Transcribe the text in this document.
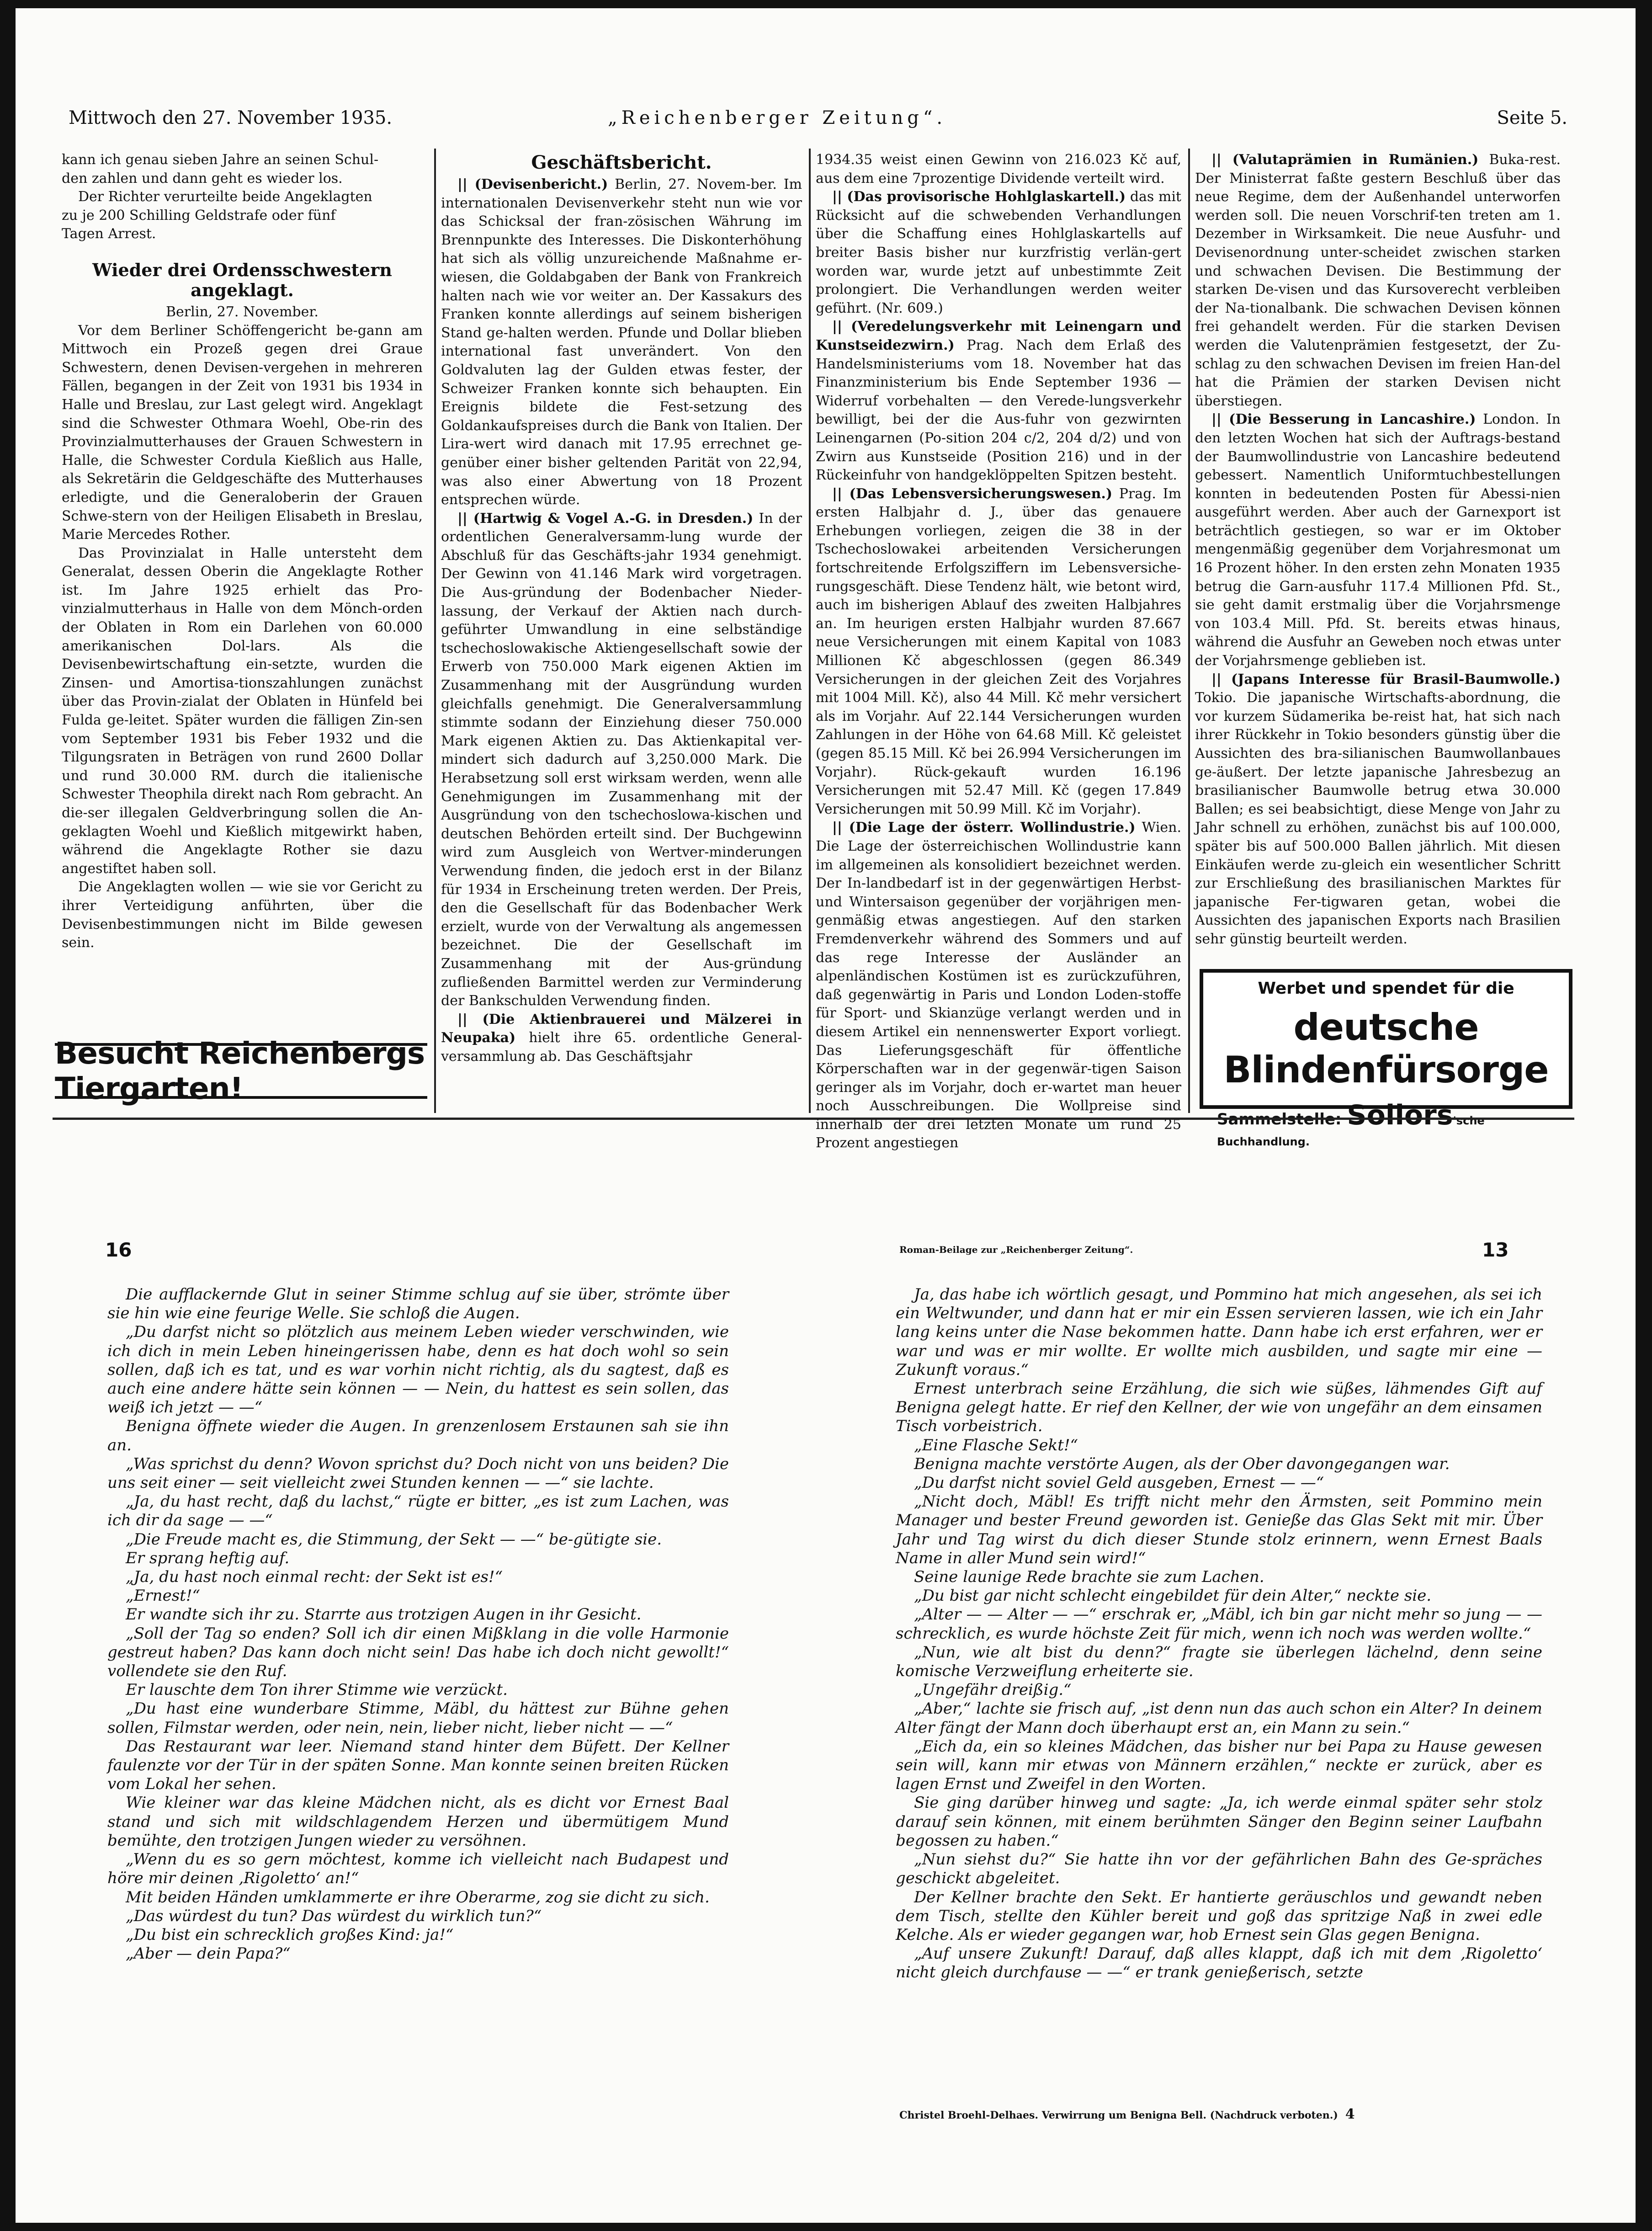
Mittwoch den 27. November 1935.	„Reichenberger Zeitung“.	Seite 5.

kann ich genau sieben Jahre an seinen Schul-

den zahlen und dann geht es wieder los.

Der Richter verurteilte beide Angeklagten

zu je 200 Schilling Geldstrafe oder fünf

Tagen Arrest.

Wieder drei Ordensschwestern angeklagt.

Berlin, 27. November.

Vor dem Berliner Schöffengericht be-gann am Mittwoch ein Prozeß gegen drei Graue Schwestern, denen Devisen-vergehen in mehreren Fällen, begangen in der Zeit von 1931 bis 1934 in Halle und Breslau, zur Last gelegt wird. Angeklagt sind die Schwester Othmara Woehl, Obe-rin des Provinzialmutterhauses der Grauen Schwestern in Halle, die Schwester Cordula Kießlich aus Halle, als Sekretärin die Geldgeschäfte des Mutterhauses erledigte, und die Generaloberin der Grauen Schwe-stern von der Heiligen Elisabeth in Breslau, Marie Mercedes Rother.

Das Provinzialat in Halle untersteht dem Generalat, dessen Oberin die Angeklagte Rother ist. Im Jahre 1925 erhielt das Pro-vinzialmutterhaus in Halle von dem Mönch-orden der Oblaten in Rom ein Darlehen von 60.000 amerikanischen Dol-lars. Als die Devisenbewirtschaftung ein-setzte, wurden die Zinsen- und Amortisa-tionszahlungen zunächst über das Provin-zialat der Oblaten in Hünfeld bei Fulda ge-leitet. Später wurden die fälligen Zin-sen vom September 1931 bis Feber 1932 und die Tilgungsraten in Beträgen von rund 2600 Dollar und rund 30.000 RM. durch die italienische Schwester Theophila direkt nach Rom gebracht. An die-ser illegalen Geldverbringung sollen die An-geklagten Woehl und Kießlich mitgewirkt haben, während die Angeklagte Rother sie dazu angestiftet haben soll.

Die Angeklagten wollen — wie sie vor Gericht zu ihrer Verteidigung anführten, über die Devisenbestimmungen nicht im Bilde gewesen sein.

Besucht Reichenbergs Tiergarten!
Geschäftsbericht.

|| (Devisenbericht.) Berlin, 27. Novem-ber. Im internationalen Devisenverkehr steht nun wie vor das Schicksal der fran-zösischen Währung im Brennpunkte des Interesses. Die Diskonterhöhung hat sich als völlig unzureichende Maßnahme er-wiesen, die Goldabgaben der Bank von Frankreich halten nach wie vor weiter an. Der Kassakurs des Franken konnte allerdings auf seinem bisherigen Stand ge-halten werden. Pfunde und Dollar blieben international fast unverändert. Von den Goldvaluten lag der Gulden etwas fester, der Schweizer Franken konnte sich behaupten. Ein Ereignis bildete die Fest-setzung des Goldankaufspreises durch die Bank von Italien. Der Lira-wert wird danach mit 17.95 errechnet ge-genüber einer bisher geltenden Parität von 22,94, was also einer Abwertung von 18 Prozent entsprechen würde.

|| (Hartwig & Vogel A.-G. in Dresden.) In der ordentlichen Generalversamm-lung wurde der Abschluß für das Geschäfts-jahr 1934 genehmigt. Der Gewinn von 41.146 Mark wird vorgetragen. Die Aus-gründung der Bodenbacher Nieder-lassung, der Verkauf der Aktien nach durch-geführter Umwandlung in eine selbständige tschechoslowakische Aktiengesellschaft sowie der Erwerb von 750.000 Mark eigenen Aktien im Zusammenhang mit der Ausgründung wurden gleichfalls genehmigt. Die Generalversammlung stimmte sodann der Einziehung dieser 750.000 Mark eigenen Aktien zu. Das Aktienkapital ver-mindert sich dadurch auf 3,250.000 Mark. Die Herabsetzung soll erst wirksam werden, wenn alle Genehmigungen im Zusammenhang mit der Ausgründung von den tschechoslowa-kischen und deutschen Behörden erteilt sind. Der Buchgewinn wird zum Ausgleich von Wertver-minderungen Verwendung finden, die jedoch erst in der Bilanz für 1934 in Erscheinung treten werden. Der Preis, den die Gesellschaft für das Bodenbacher Werk erzielt, wurde von der Verwaltung als angemessen bezeichnet. Die der Gesellschaft im Zusammenhang mit der Aus-gründung zufließenden Barmittel werden zur Verminderung der Bankschulden Verwendung finden.

|| (Die Aktienbrauerei und Mälzerei in Neupaka) hielt ihre 65. ordentliche General-versammlung ab. Das Geschäftsjahr

1934.35 weist einen Gewinn von 216.023 Kč auf, aus dem eine 7prozentige Dividende verteilt wird.

|| (Das provisorische Hohlglaskartell.) das mit Rücksicht auf die schwebenden Verhandlungen über die Schaffung eines Hohlglaskartells auf breiter Basis bisher nur kurzfristig verlän-gert worden war, wurde jetzt auf unbestimmte Zeit prolongiert. Die Verhandlungen werden weiter geführt. (Nr. 609.)

|| (Veredelungsverkehr mit Leinengarn und Kunstseidezwirn.) Prag. Nach dem Erlaß des Handelsministeriums vom 18. November hat das Finanzministerium bis Ende September 1936 — Widerruf vorbehalten — den Verede-lungsverkehr bewilligt, bei der die Aus-fuhr von gezwirnten Leinengarnen (Po-sition 204 c/2, 204 d/2) und von Zwirn aus Kunstseide (Position 216) und in der Rückeinfuhr von handgeklöppelten Spitzen besteht.

|| (Das Lebensversicherungswesen.) Prag. Im ersten Halbjahr d. J., über das genauere Erhebungen vorliegen, zeigen die 38 in der Tschechoslowakei arbeitenden Versicherungen fortschreitende Erfolgsziffern im Lebensversiche-rungsgeschäft. Diese Tendenz hält, wie betont wird, auch im bisherigen Ablauf des zweiten Halbjahres an. Im heurigen ersten Halbjahr wurden 87.667 neue Versicherungen mit einem Kapital von 1083 Millionen Kč abgeschlossen (gegen 86.349 Versicherungen in der gleichen Zeit des Vorjahres mit 1004 Mill. Kč), also 44 Mill. Kč mehr versichert als im Vorjahr. Auf 22.144 Versicherungen wurden Zahlungen in der Höhe von 64.68 Mill. Kč geleistet (gegen 85.15 Mill. Kč bei 26.994 Versicherungen im Vorjahr). Rück-gekauft wurden 16.196 Versicherungen mit 52.47 Mill. Kč (gegen 17.849 Versicherungen mit 50.99 Mill. Kč im Vorjahr).

|| (Die Lage der österr. Wollindustrie.) Wien. Die Lage der österreichischen Wollindustrie kann im allgemeinen als konsolidiert bezeichnet werden. Der In-landbedarf ist in der gegenwärtigen Herbst- und Wintersaison gegenüber der vorjährigen men-genmäßig etwas angestiegen. Auf den starken Fremdenverkehr während des Sommers und auf das rege Interesse der Ausländer an alpenländischen Kostümen ist es zurückzuführen, daß gegenwärtig in Paris und London Loden-stoffe für Sport- und Skianzüge verlangt werden und in diesem Artikel ein nennenswerter Export vorliegt. Das Lieferungsgeschäft für öffentliche Körperschaften war in der gegenwär-tigen Saison geringer als im Vorjahr, doch er-wartet man heuer noch Ausschreibungen. Die Wollpreise sind innerhalb der drei letzten Monate um rund 25 Prozent angestiegen

|| (Valutaprämien in Rumänien.) Buka-rest. Der Ministerrat faßte gestern Beschluß über das neue Regime, dem der Außenhandel unterworfen werden soll. Die neuen Vorschrif-ten treten am 1. Dezember in Wirksamkeit. Die neue Ausfuhr- und Devisenordnung unter-scheidet zwischen starken und schwachen Devisen. Die Bestimmung der starken De-visen und das Kursoverecht verbleiben der Na-tionalbank. Die schwachen Devisen können frei gehandelt werden. Für die starken Devisen werden die Valutenprämien festgesetzt, der Zu-schlag zu den schwachen Devisen im freien Han-del hat die Prämien der starken Devisen nicht überstiegen.

|| (Die Besserung in Lancashire.) London. In den letzten Wochen hat sich der Auftrags-bestand der Baumwollindustrie von Lancashire bedeutend gebessert. Namentlich Uniformtuchbestellungen konnten in bedeutenden Posten für Abessi-nien ausgeführt werden. Aber auch der Garnexport ist beträchtlich gestiegen, so war er im Oktober mengenmäßig gegenüber dem Vorjahresmonat um 16 Prozent höher. In den ersten zehn Monaten 1935 betrug die Garn-ausfuhr 117.4 Millionen Pfd. St., sie geht damit erstmalig über die Vorjahrsmenge von 103.4 Mill. Pfd. St. bereits etwas hinaus, während die Ausfuhr an Geweben noch etwas unter der Vorjahrsmenge geblieben ist.

|| (Japans Interesse für Brasil-Baumwolle.) Tokio. Die japanische Wirtschafts-abordnung, die vor kurzem Südamerika be-reist hat, hat sich nach ihrer Rückkehr in Tokio besonders günstig über die Aussichten des bra-silianischen Baumwollanbaues ge-äußert. Der letzte japanische Jahresbezug an brasilianischer Baumwolle betrug etwa 30.000 Ballen; es sei beabsichtigt, diese Menge von Jahr zu Jahr schnell zu erhöhen, zunächst bis auf 100.000, später bis auf 500.000 Ballen jährlich. Mit diesen Einkäufen werde zu-gleich ein wesentlicher Schritt zur Erschließung des brasilianischen Marktes für japanische Fer-tigwaren getan, wobei die Aussichten des japanischen Exports nach Brasilien sehr günstig beurteilt werden.

Werbet und spendet für die
deutsche Blindenfürsorge
Sammelstelle: Sollors'sche Buchhandlung.
16	13
Roman-Beilage zur „Reichenberger Zeitung“.

Die aufflackernde Glut in seiner Stimme schlug auf sie über, strömte über sie hin wie eine feurige Welle. Sie schloß die Augen.

„Du darfst nicht so plötzlich aus meinem Leben wieder verschwinden, wie ich dich in mein Leben hineingerissen habe, denn es hat doch wohl so sein sollen, daß ich es tat, und es war vorhin nicht richtig, als du sagtest, daß es auch eine andere hätte sein können — — Nein, du hattest es sein sollen, das weiß ich jetzt — —“

Benigna öffnete wieder die Augen. In grenzenlosem Erstaunen sah sie ihn an.

„Was sprichst du denn? Wovon sprichst du? Doch nicht von uns beiden? Die uns seit einer — seit vielleicht zwei Stunden kennen — —“ sie lachte.

„Ja, du hast recht, daß du lachst,“ rügte er bitter, „es ist zum Lachen, was ich dir da sage — —“

„Die Freude macht es, die Stimmung, der Sekt — —“ be-gütigte sie.

Er sprang heftig auf.

„Ja, du hast noch einmal recht: der Sekt ist es!“

„Ernest!“

Er wandte sich ihr zu. Starrte aus trotzigen Augen in ihr Gesicht.

„Soll der Tag so enden? Soll ich dir einen Mißklang in die volle Harmonie gestreut haben? Das kann doch nicht sein! Das habe ich doch nicht gewollt!“ vollendete sie den Ruf.

Er lauschte dem Ton ihrer Stimme wie verzückt.

„Du hast eine wunderbare Stimme, Mäbl, du hättest zur Bühne gehen sollen, Filmstar werden, oder nein, nein, lieber nicht, lieber nicht — —“

Das Restaurant war leer. Niemand stand hinter dem Büfett. Der Kellner faulenzte vor der Tür in der späten Sonne. Man konnte seinen breiten Rücken vom Lokal her sehen.

Wie kleiner war das kleine Mädchen nicht, als es dicht vor Ernest Baal stand und sich mit wildschlagendem Herzen und übermütigem Mund bemühte, den trotzigen Jungen wieder zu versöhnen.

„Wenn du es so gern möchtest, komme ich vielleicht nach Budapest und höre mir deinen ‚Rigoletto‘ an!“

Mit beiden Händen umklammerte er ihre Oberarme, zog sie dicht zu sich.

„Das würdest du tun? Das würdest du wirklich tun?“

„Du bist ein schrecklich großes Kind: ja!“

„Aber — dein Papa?“

Ja, das habe ich wörtlich gesagt, und Pommino hat mich angesehen, als sei ich ein Weltwunder, und dann hat er mir ein Essen servieren lassen, wie ich ein Jahr lang keins unter die Nase bekommen hatte. Dann habe ich erst erfahren, wer er war und was er mir wollte. Er wollte mich ausbilden, und sagte mir eine — Zukunft voraus.“

Ernest unterbrach seine Erzählung, die sich wie süßes, lähmendes Gift auf Benigna gelegt hatte. Er rief den Kellner, der wie von ungefähr an dem einsamen Tisch vorbeistrich.

„Eine Flasche Sekt!“

Benigna machte verstörte Augen, als der Ober davongegangen war.

„Du darfst nicht soviel Geld ausgeben, Ernest — —“

„Nicht doch, Mäbl! Es trifft nicht mehr den Ärmsten, seit Pommino mein Manager und bester Freund geworden ist. Genieße das Glas Sekt mit mir. Über Jahr und Tag wirst du dich dieser Stunde stolz erinnern, wenn Ernest Baals Name in aller Mund sein wird!“

Seine launige Rede brachte sie zum Lachen.

„Du bist gar nicht schlecht eingebildet für dein Alter,“ neckte sie.

„Alter — — Alter — —“ erschrak er, „Mäbl, ich bin gar nicht mehr so jung — — schrecklich, es wurde höchste Zeit für mich, wenn ich noch was werden wollte.“

„Nun, wie alt bist du denn?“ fragte sie überlegen lächelnd, denn seine komische Verzweiflung erheiterte sie.

„Ungefähr dreißig.“

„Aber,“ lachte sie frisch auf, „ist denn nun das auch schon ein Alter? In deinem Alter fängt der Mann doch überhaupt erst an, ein Mann zu sein.“

„Eich da, ein so kleines Mädchen, das bisher nur bei Papa zu Hause gewesen sein will, kann mir etwas von Männern erzählen,“ neckte er zurück, aber es lagen Ernst und Zweifel in den Worten.

Sie ging darüber hinweg und sagte: „Ja, ich werde einmal später sehr stolz darauf sein können, mit einem berühmten Sänger den Beginn seiner Laufbahn begossen zu haben.“

„Nun siehst du?“ Sie hatte ihn vor der gefährlichen Bahn des Ge-spräches geschickt abgeleitet.

Der Kellner brachte den Sekt. Er hantierte geräuschlos und gewandt neben dem Tisch, stellte den Kühler bereit und goß das spritzige Naß in zwei edle Kelche. Als er wieder gegangen war, hob Ernest sein Glas gegen Benigna.

„Auf unsere Zukunft! Darauf, daß alles klappt, daß ich mit dem ‚Rigoletto‘ nicht gleich durchfause — —“ er trank genießerisch, setzte

Christel Broehl-Delhaes. Verwirrung um Benigna Bell. (Nachdruck verboten.) 4
